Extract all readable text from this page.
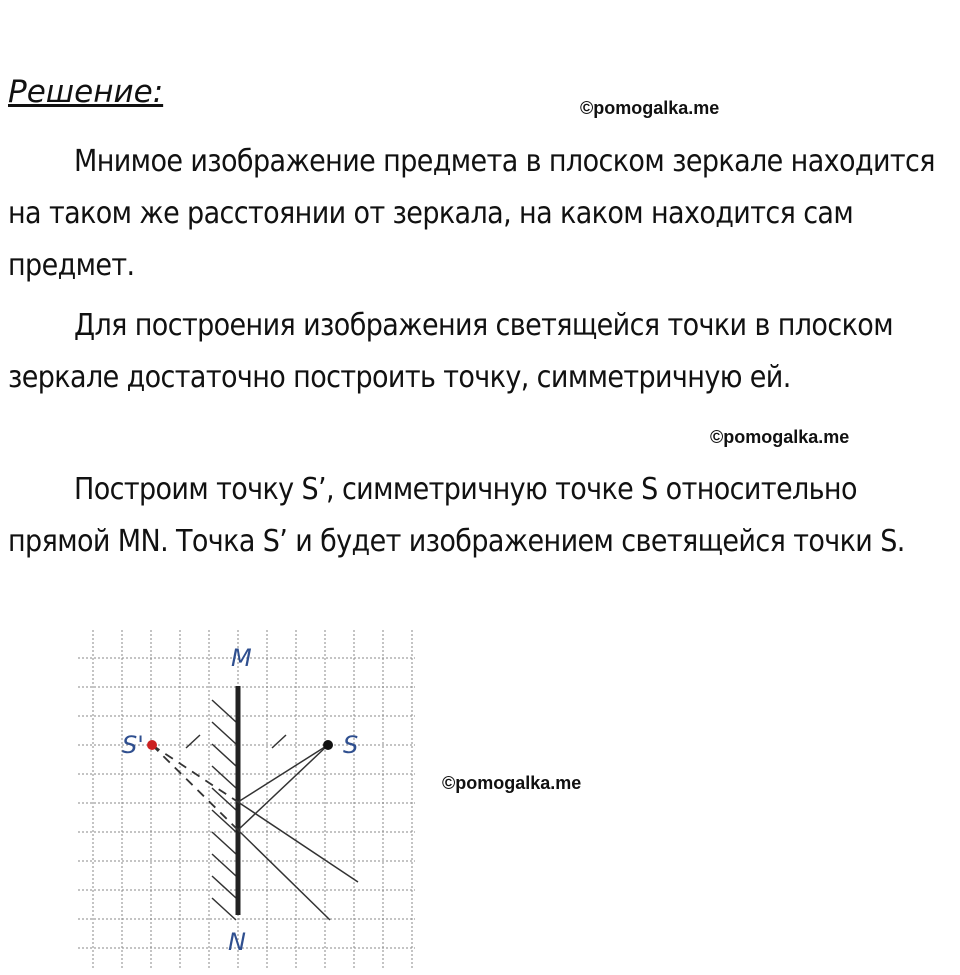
Решение:	©pomogalka.me
Мнимое изображение предмета в плоском зеркале находится на таком же расстоянии от зеркала, на каком находится сам предмет.
Для построения изображения светящейся точки в плоском зеркале достаточно построить точку, симметричную ей.
©pomogalka.me
Построим точку S’, симметричную точке S относительно прямой MN. Точка S’ и будет изображением светящейся точки S.
M
N
S
S'
©pomogalka.me
